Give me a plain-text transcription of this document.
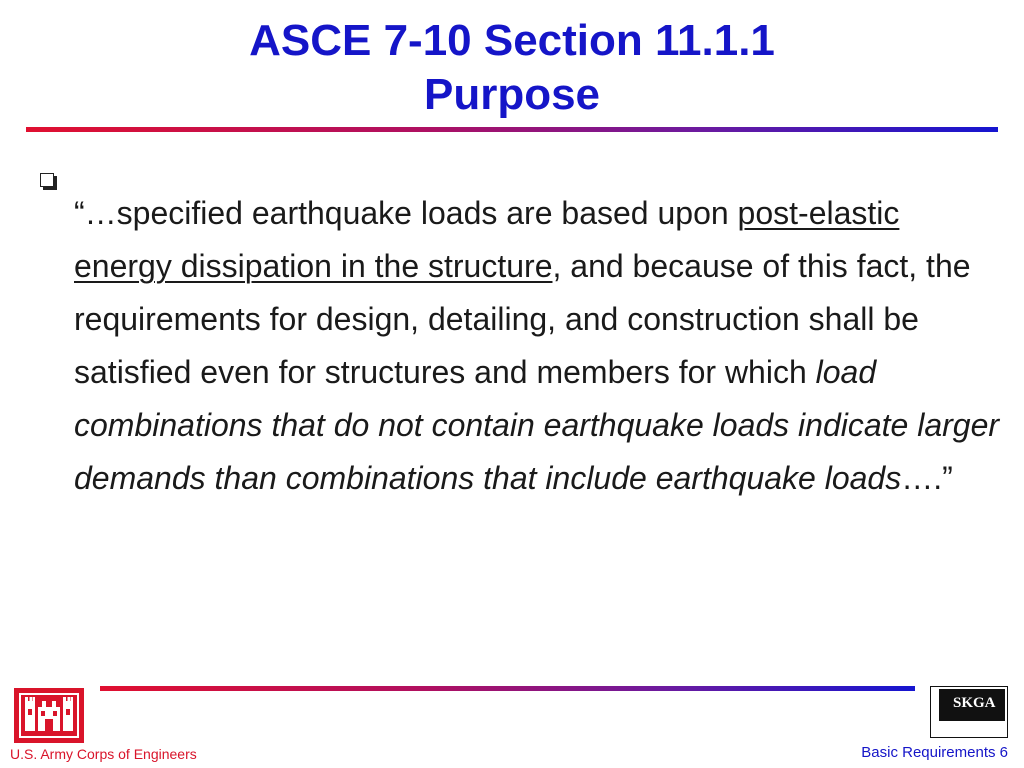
ASCE 7-10 Section 11.1.1
Purpose

“…specified earthquake loads are based upon post-elastic energy dissipation in the structure, and because of this fact, the requirements for design, detailing, and construction shall be satisfied even for structures and members for which load combinations that do not contain earthquake loads indicate larger demands than combinations that include earthquake loads….”

U.S. Army Corps of Engineers
SKGA
Basic Requirements 6
